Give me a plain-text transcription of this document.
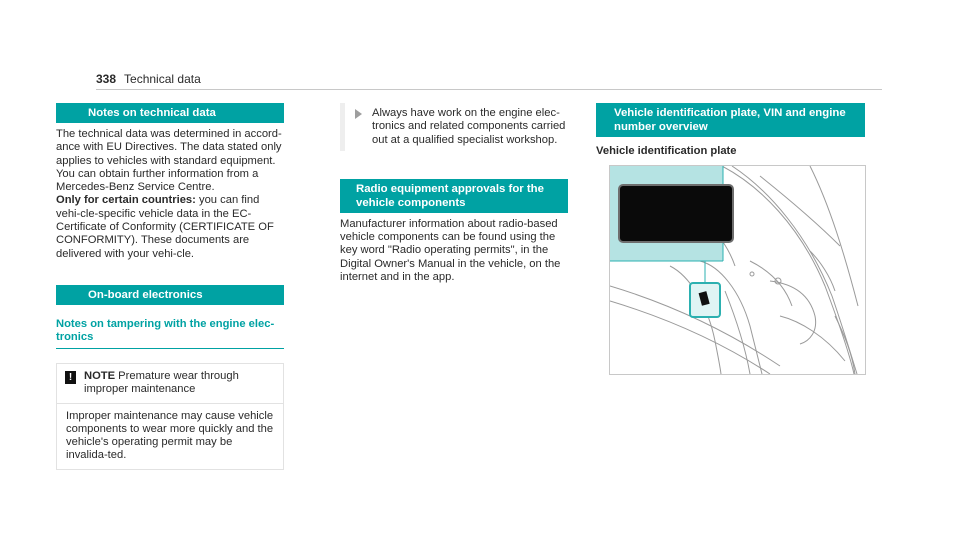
338 Technical data
Notes on technical data

The technical data was determined in accord-ance with EU Directives. The data stated only applies to vehicles with standard equipment. You can obtain further information from a Mercedes-Benz Service Centre.

Only for certain countries: you can find vehi-cle-specific vehicle data in the EC-Certificate of Conformity (CERTIFICATE OF CONFORMITY). These documents are delivered with your vehi-cle.

On-board electronics
Notes on tampering with the engine elec-tronics
!	NOTE Premature wear through improper maintenance
Improper maintenance may cause vehicle components to wear more quickly and the vehicle's operating permit may be invalida-ted.
Always have work on the engine elec-tronics and related components carried out at a qualified specialist workshop.
Radio equipment approvals for the vehicle components

Manufacturer information about radio-based vehicle components can be found using the key word "Radio operating permits", in the Digital Owner's Manual in the vehicle, on the internet and in the app.

Vehicle identification plate, VIN and engine number overview
Vehicle identification plate
